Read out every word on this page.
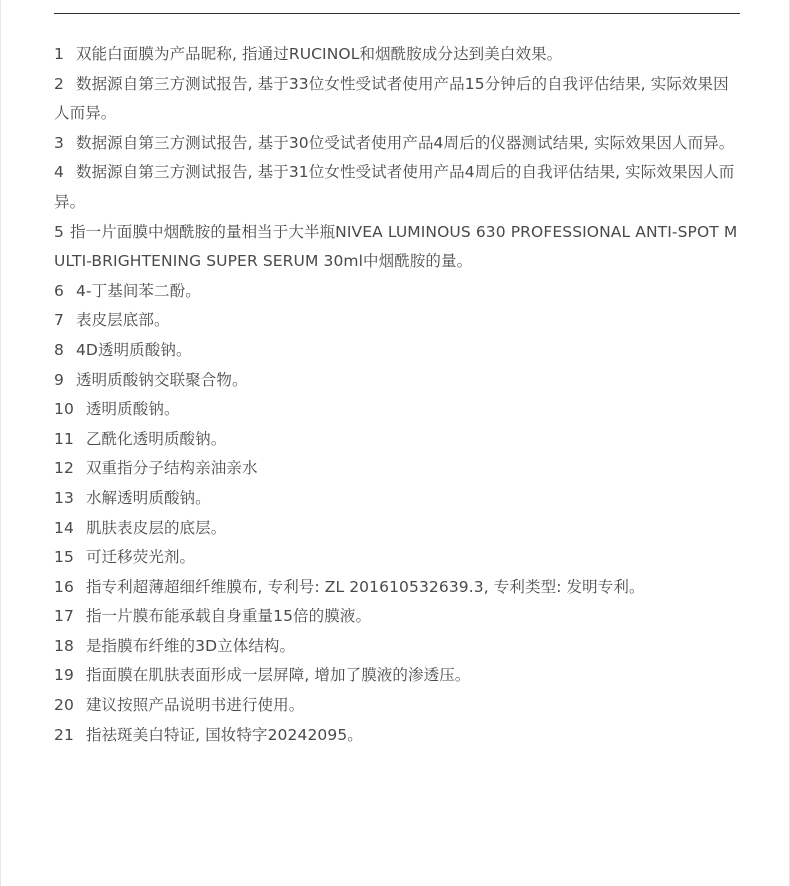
1 双能白面膜为产品昵称, 指通过RUCINOL和烟酰胺成分达到美白效果。
2 数据源自第三方测试报告, 基于33位女性受试者使用产品15分钟后的自我评估结果, 实际效果因人而异。
3 数据源自第三方测试报告, 基于30位受试者使用产品4周后的仪器测试结果, 实际效果因人而异。
4 数据源自第三方测试报告, 基于31位女性受试者使用产品4周后的自我评估结果, 实际效果因人而异。
5 指一片面膜中烟酰胺的量相当于大半瓶NIVEA LUMINOUS 630 PROFESSIONAL ANTI-SPOT MULTI-BRIGHTENING SUPER SERUM 30ml中烟酰胺的量。
6 4-丁基间苯二酚。
7 表皮层底部。
8 4D透明质酸钠。
9 透明质酸钠交联聚合物。
10 透明质酸钠。
11 乙酰化透明质酸钠。
12 双重指分子结构亲油亲水
13 水解透明质酸钠。
14 肌肤表皮层的底层。
15 可迁移荧光剂。
16 指专利超薄超细纤维膜布, 专利号: ZL 201610532639.3, 专利类型: 发明专利。
17 指一片膜布能承载自身重量15倍的膜液。
18 是指膜布纤维的3D立体结构。
19 指面膜在肌肤表面形成一层屏障, 增加了膜液的渗透压。
20 建议按照产品说明书进行使用。
21 指祛斑美白特证, 国妆特字20242095。
